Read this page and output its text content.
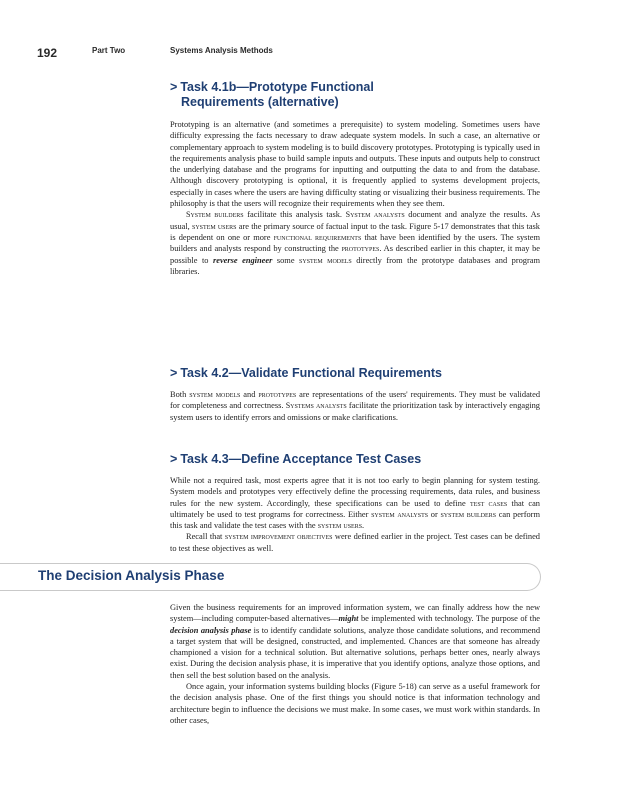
192	Part Two	Systems Analysis Methods
> Task 4.1b—Prototype Functional
Requirements (alternative)

Prototyping is an alternative (and sometimes a prerequisite) to system modeling. Sometimes users have difficulty expressing the facts necessary to draw adequate system models. In such a case, an alternative or complementary approach to system modeling is to build discovery prototypes. Prototyping is typically used in the requirements analysis phase to build sample inputs and outputs. These inputs and outputs help to construct the underlying database and the programs for inputting and outputting the data to and from the database. Although discovery prototyping is optional, it is frequently applied to systems development projects, especially in cases where the users are having difficulty stating or visualizing their business requirements. The philosophy is that the users will recognize their requirements when they see them.

System builders facilitate this analysis task. System analysts document and analyze the results. As usual, system users are the primary source of factual input to the task. Figure 5-17 demonstrates that this task is dependent on one or more functional requirements that have been identified by the users. The system builders and analysts respond by constructing the prototypes. As described earlier in this chapter, it may be possible to reverse engineer some system models directly from the prototype databases and program libraries.

> Task 4.2—Validate Functional Requirements

Both system models and prototypes are representations of the users' requirements. They must be validated for completeness and correctness. Systems analysts facilitate the prioritization task by interactively engaging system users to identify errors and omissions or make clarifications.

> Task 4.3—Define Acceptance Test Cases

While not a required task, most experts agree that it is not too early to begin planning for system testing. System models and prototypes very effectively define the processing requirements, data rules, and business rules for the new system. Accordingly, these specifications can be used to define test cases that can ultimately be used to test programs for correctness. Either system analysts or system builders can perform this task and validate the test cases with the system users.

Recall that system improvement objectives were defined earlier in the project. Test cases can be defined to test these objectives as well.

The Decision Analysis Phase

Given the business requirements for an improved information system, we can finally address how the new system—including computer-based alternatives—might be implemented with technology. The purpose of the decision analysis phase is to identify candidate solutions, analyze those candidate solutions, and recommend a target system that will be designed, constructed, and implemented. Chances are that someone has already championed a vision for a technical solution. But alternative solutions, perhaps better ones, nearly always exist. During the decision analysis phase, it is imperative that you identify options, analyze those options, and then sell the best solution based on the analysis.

Once again, your information systems building blocks (Figure 5-18) can serve as a useful framework for the decision analysis phase. One of the first things you should notice is that information technology and architecture begin to influence the decisions we must make. In some cases, we must work within standards. In other cases,
